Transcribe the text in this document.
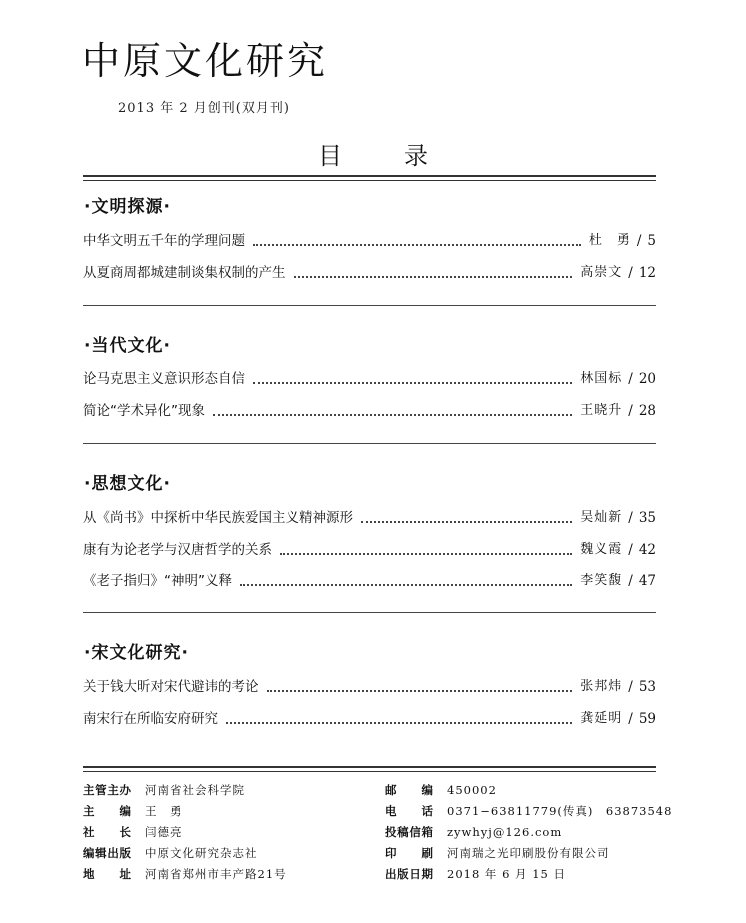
中原文化研究
2013 年 2 月创刊(双月刊)
目录
·文明探源·
中华文明五千年的学理问题	杜　勇 / 5
从夏商周都城建制谈集权制的产生	高崇文 / 12
·当代文化·
论马克思主义意识形态自信	林国标 / 20
简论“学术异化”现象	王晓升 / 28
·思想文化·
从《尚书》中探析中华民族爱国主义精神源形	吴灿新 / 35
康有为论老学与汉唐哲学的关系	魏义霞 / 42
《老子指归》“神明”义释	李笑馥 / 47
·宋文化研究·
关于钱大昕对宋代避讳的考论	张邦炜 / 53
南宋行在所临安府研究	龚延明 / 59
主管主办 河南省社会科学院
主　　编 王　勇
社　　长 闫德亮
编辑出版 中原文化研究杂志社
地　　址 河南省郑州市丰产路21号
邮　　编 450002
电　　话 0371−63811779(传真)　63873548
投稿信箱 zywhyj@126.com
印　　刷 河南瑞之光印刷股份有限公司
出版日期 2018 年 6 月 15 日
